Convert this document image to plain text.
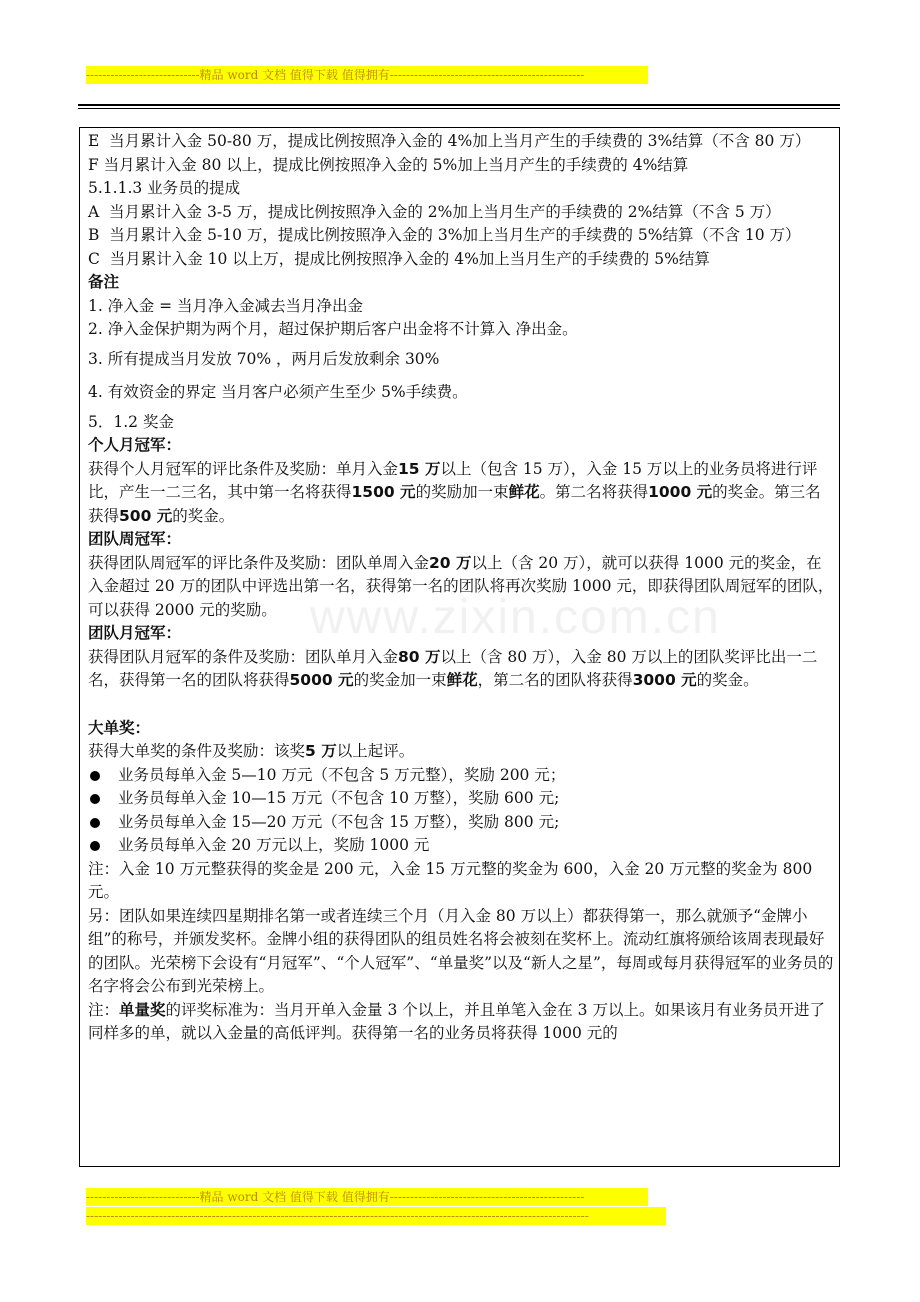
----------------------------精品 word 文档 值得下载 值得拥有------------------------------------------------
www.zixin.com.cn

E  当月累计入金 50-80 万，提成比例按照净入金的 4%加上当月产生的手续费的 3%结算（不含 80 万）

F 当月累计入金 80 以上，提成比例按照净入金的 5%加上当月产生的手续费的 4%结算

5.1.1.3 业务员的提成

A  当月累计入金 3-5 万，提成比例按照净入金的 2%加上当月生产的手续费的 2%结算（不含 5 万）

B  当月累计入金 5-10 万，提成比例按照净入金的 3%加上当月生产的手续费的 5%结算（不含 10 万）

C  当月累计入金 10 以上万，提成比例按照净入金的 4%加上当月生产的手续费的 5%结算

备注

1. 净入金 = 当月净入金减去当月净出金

2. 净入金保护期为两个月，超过保护期后客户出金将不计算入 净出金。

3. 所有提成当月发放 70% ，两月后发放剩余 30%

4. 有效资金的界定 当月客户必须产生至少 5%手续费。

5．1.2 奖金

个人月冠军：

获得个人月冠军的评比条件及奖励：单月入金15 万以上（包含 15 万），入金 15 万以上的业务员将进行评比，产生一二三名，其中第一名将获得1500 元的奖励加一束鲜花。第二名将获得1000 元的奖金。第三名获得500 元的奖金。

团队周冠军：

获得团队周冠军的评比条件及奖励：团队单周入金20 万以上（含 20 万），就可以获得 1000 元的奖金，在入金超过 20 万的团队中评选出第一名，获得第一名的团队将再次奖励 1000 元，即获得团队周冠军的团队，可以获得 2000 元的奖励。

团队月冠军：

获得团队月冠军的条件及奖励：团队单月入金80 万以上（含 80 万），入金 80 万以上的团队奖评比出一二名，获得第一名的团队将获得5000 元的奖金加一束鲜花，第二名的团队将获得3000 元的奖金。

大单奖：

获得大单奖的条件及奖励：该奖5 万以上起评。

业务员每单入金 5—10 万元（不包含 5 万元整），奖励 200 元；

业务员每单入金 10—15 万元（不包含 10 万整），奖励 600 元;

业务员每单入金 15—20 万元（不包含 15 万整），奖励 800 元;

业务员每单入金 20 万元以上，奖励 1000 元

注：入金 10 万元整获得的奖金是 200 元，入金 15 万元整的奖金为 600，入金 20 万元整的奖金为 800 元。

另：团队如果连续四星期排名第一或者连续三个月（月入金 80 万以上）都获得第一，那么就颁予“金牌小组”的称号，并颁发奖杯。金牌小组的获得团队的组员姓名将会被刻在奖杯上。流动红旗将颁给该周表现最好的团队。光荣榜下会设有“月冠军”、“个人冠军”、“单量奖”以及“新人之星”，每周或每月获得冠军的业务员的名字将会公布到光荣榜上。

注：单量奖的评奖标准为：当月开单入金量 3 个以上，并且单笔入金在 3 万以上。如果该月有业务员开进了同样多的单，就以入金量的高低评判。获得第一名的业务员将获得 1000 元的

----------------------------精品 word 文档 值得下载 值得拥有------------------------------------------------
----------------------------------------------------------------------------------------------------------------------------
